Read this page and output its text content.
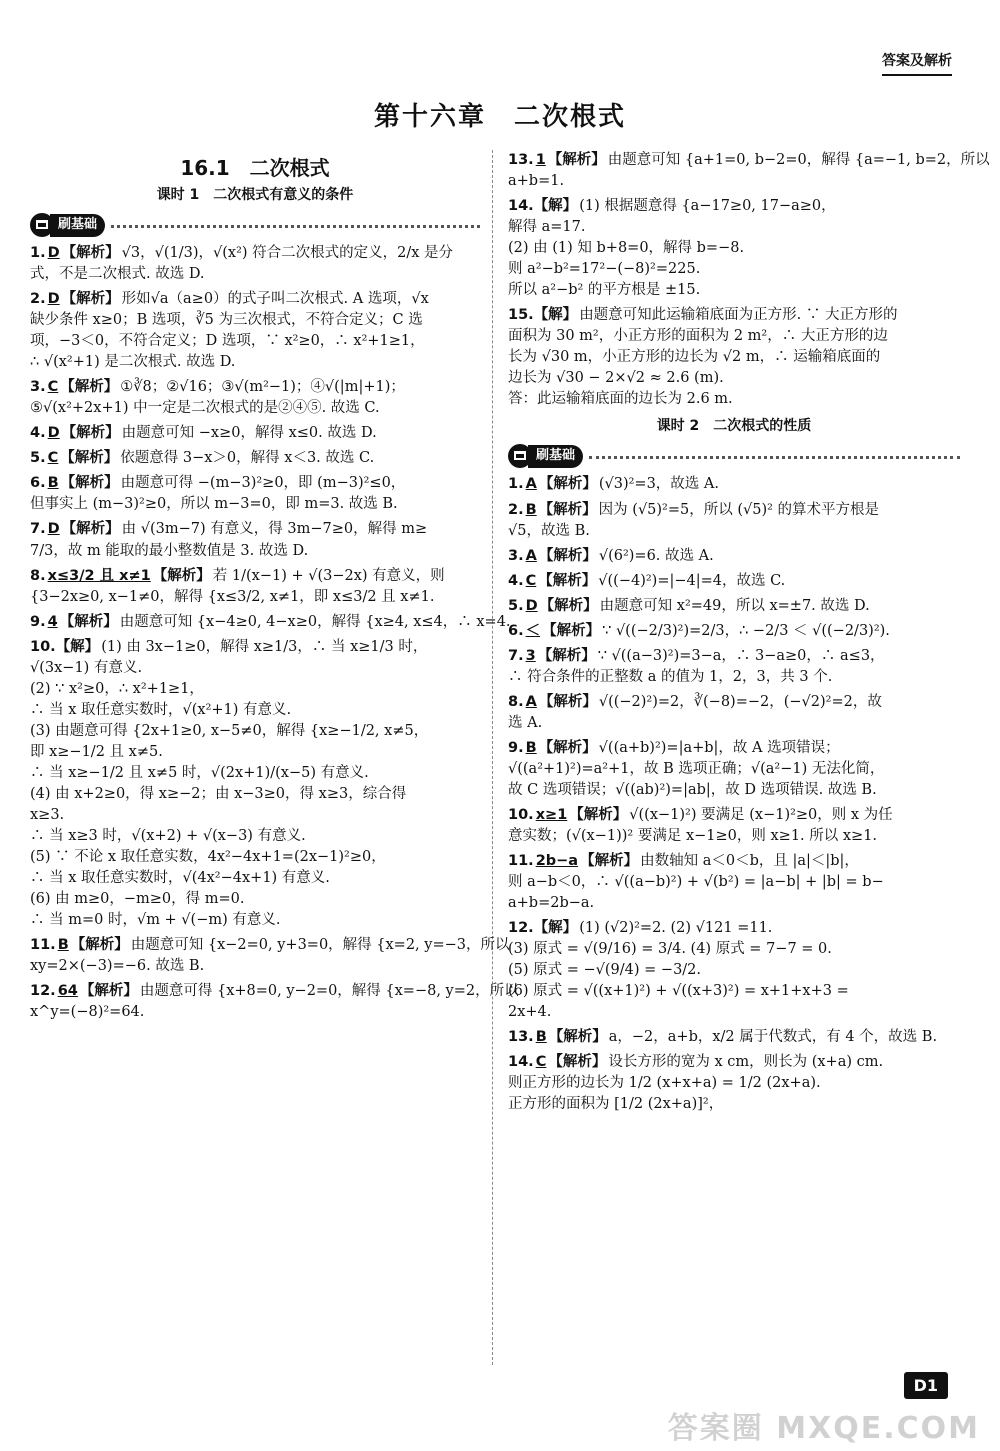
答案及解析
第十六章　二次根式
16.1　二次根式
课时 1　二次根式有意义的条件
刷基础
1. D 【解析】 √3，√(1/3)，√(x²) 符合二次根式的定义，2/x 是分
式，不是二次根式. 故选 D.
2. D 【解析】 形如√a（a≥0）的式子叫二次根式. A 选项，√x
缺少条件 x≥0；B 选项，∛5 为三次根式，不符合定义；C 选
项，−3＜0，不符合定义；D 选项，∵ x²≥0，∴ x²+1≥1，
∴ √(x²+1) 是二次根式. 故选 D.
3. C 【解析】 ①∛8；②√16；③√(m²−1)；④√(|m|+1)；
⑤√(x²+2x+1) 中一定是二次根式的是②④⑤. 故选 C.
4. D 【解析】 由题意可知 −x≥0，解得 x≤0. 故选 D.
5. C 【解析】 依题意得 3−x＞0，解得 x＜3. 故选 C.
6. B 【解析】 由题意可得 −(m−3)²≥0，即 (m−3)²≤0，
但事实上 (m−3)²≥0，所以 m−3=0，即 m=3. 故选 B.
7. D 【解析】 由 √(3m−7) 有意义，得 3m−7≥0，解得 m≥
7/3，故 m 能取的最小整数值是 3. 故选 D.
8. x≤3/2 且 x≠1 【解析】 若 1/(x−1) + √(3−2x) 有意义，则
{3−2x≥0, x−1≠0，解得 {x≤3/2, x≠1，即 x≤3/2 且 x≠1.
9. 4 【解析】 由题意可知 {x−4≥0, 4−x≥0，解得 {x≥4, x≤4，∴ x=4.
10.【解】 (1) 由 3x−1≥0，解得 x≥1/3，∴ 当 x≥1/3 时，
√(3x−1) 有意义.
(2) ∵ x²≥0，∴ x²+1≥1，
∴ 当 x 取任意实数时，√(x²+1) 有意义.
(3) 由题意可得 {2x+1≥0, x−5≠0，解得 {x≥−1/2, x≠5，
即 x≥−1/2 且 x≠5.
∴ 当 x≥−1/2 且 x≠5 时，√(2x+1)/(x−5) 有意义.
(4) 由 x+2≥0，得 x≥−2；由 x−3≥0，得 x≥3，综合得
x≥3.
∴ 当 x≥3 时，√(x+2) + √(x−3) 有意义.
(5) ∵ 不论 x 取任意实数，4x²−4x+1=(2x−1)²≥0，
∴ 当 x 取任意实数时，√(4x²−4x+1) 有意义.
(6) 由 m≥0，−m≥0，得 m=0.
∴ 当 m=0 时，√m + √(−m) 有意义.
11. B 【解析】 由题意可知 {x−2=0, y+3=0，解得 {x=2, y=−3，所以
xy=2×(−3)=−6. 故选 B.
12. 64 【解析】 由题意可得 {x+8=0, y−2=0，解得 {x=−8, y=2，所以
x^y=(−8)²=64.
13. 1 【解析】 由题意可知 {a+1=0, b−2=0，解得 {a=−1, b=2，所以
a+b=1.
14.【解】 (1) 根据题意得 {a−17≥0, 17−a≥0，
解得 a=17.
(2) 由 (1) 知 b+8=0，解得 b=−8.
则 a²−b²=17²−(−8)²=225.
所以 a²−b² 的平方根是 ±15.
15.【解】 由题意可知此运输箱底面为正方形. ∵ 大正方形的
面积为 30 m²，小正方形的面积为 2 m²，∴ 大正方形的边
长为 √30 m，小正方形的边长为 √2 m，∴ 运输箱底面的
边长为 √30 − 2×√2 ≈ 2.6 (m).
答：此运输箱底面的边长为 2.6 m.
课时 2　二次根式的性质
刷基础
1. A 【解析】 (√3)²=3，故选 A.
2. B 【解析】 因为 (√5)²=5，所以 (√5)² 的算术平方根是
√5，故选 B.
3. A 【解析】 √(6²)=6. 故选 A.
4. C 【解析】 √((−4)²)=|−4|=4，故选 C.
5. D 【解析】 由题意可知 x²=49，所以 x=±7. 故选 D.
6. ＜ 【解析】 ∵ √((−2/3)²)=2/3，∴ −2/3 ＜ √((−2/3)²).
7. 3 【解析】 ∵ √((a−3)²)=3−a，∴ 3−a≥0，∴ a≤3，
∴ 符合条件的正整数 a 的值为 1，2，3，共 3 个.
8. A 【解析】 √((−2)²)=2，∛(−8)=−2，(−√2)²=2，故
选 A.
9. B 【解析】 √((a+b)²)=|a+b|，故 A 选项错误；
√((a²+1)²)=a²+1，故 B 选项正确；√(a²−1) 无法化简，
故 C 选项错误；√((ab)²)=|ab|，故 D 选项错误. 故选 B.
10. x≥1 【解析】 √((x−1)²) 要满足 (x−1)²≥0，则 x 为任
意实数；(√(x−1))² 要满足 x−1≥0，则 x≥1. 所以 x≥1.
11. 2b−a 【解析】 由数轴知 a＜0＜b，且 |a|＜|b|，
则 a−b＜0，∴ √((a−b)²) + √(b²) = |a−b| + |b| = b−
a+b=2b−a.
12.【解】 (1) (√2)²=2. (2) √121 =11.
(3) 原式 = √(9/16) = 3/4. (4) 原式 = 7−7 = 0.
(5) 原式 = −√(9/4) = −3/2.
(6) 原式 = √((x+1)²) + √((x+3)²) = x+1+x+3 =
2x+4.
13. B 【解析】 a，−2，a+b，x/2 属于代数式，有 4 个，故选 B.
14. C 【解析】 设长方形的宽为 x cm，则长为 (x+a) cm.
则正方形的边长为 1/2 (x+x+a) = 1/2 (2x+a).
正方形的面积为 [1/2 (2x+a)]²，
D1
答案圈 MXQE.COM
